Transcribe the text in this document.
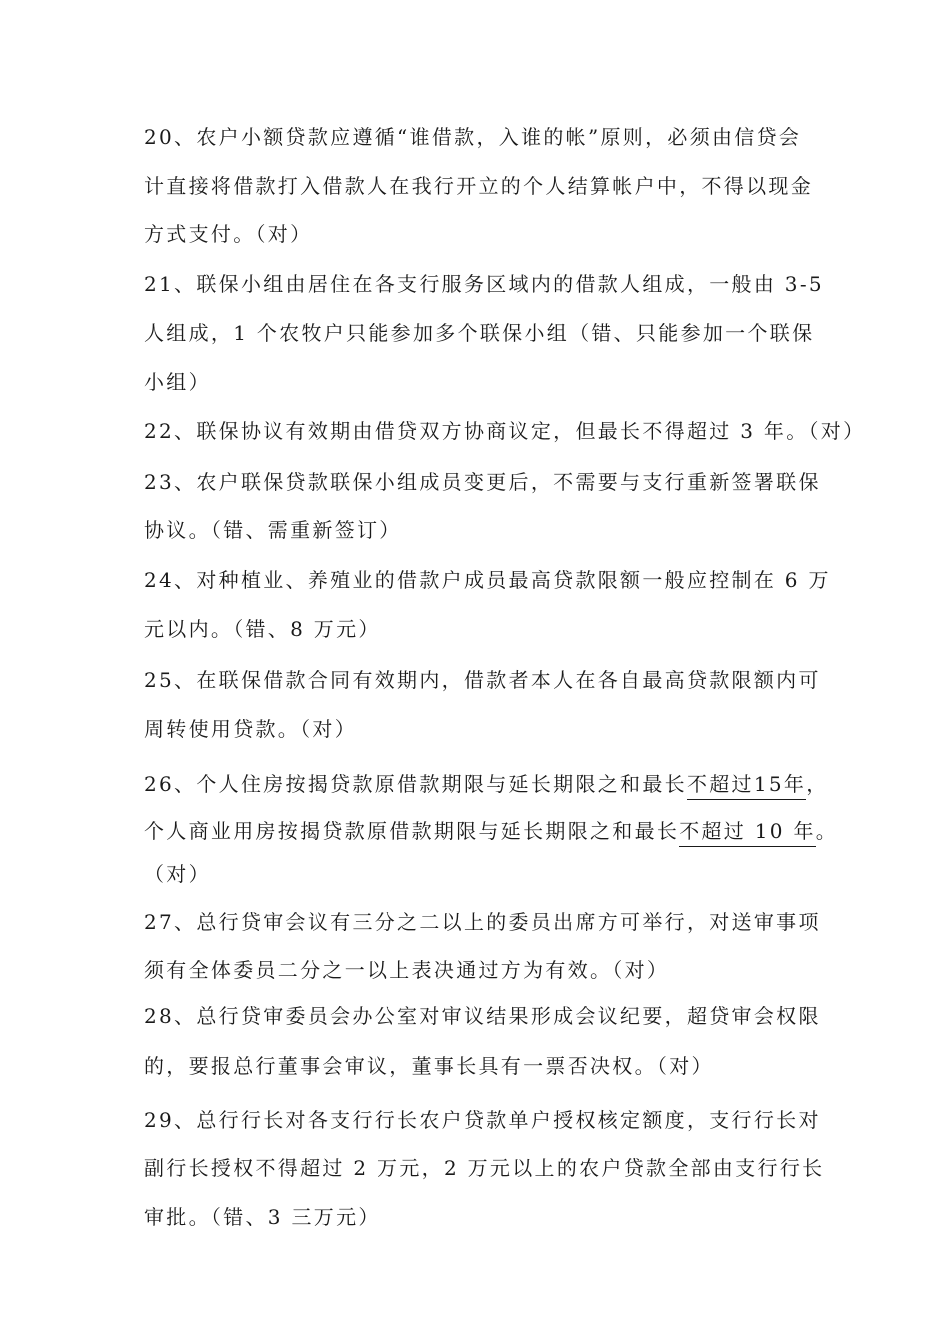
20、农户小额贷款应遵循“谁借款，入谁的帐”原则，必须由信贷会
计直接将借款打入借款人在我行开立的个人结算帐户中，不得以现金
方式支付。（对）
21、联保小组由居住在各支行服务区域内的借款人组成，一般由 3-5
人组成，1 个农牧户只能参加多个联保小组（错、只能参加一个联保
小组）
22、联保协议有效期由借贷双方协商议定，但最长不得超过 3 年。（对）
23、农户联保贷款联保小组成员变更后，不需要与支行重新签署联保
协议。（错、需重新签订）
24、对种植业、养殖业的借款户成员最高贷款限额一般应控制在 6 万
元以内。（错、8 万元）
25、在联保借款合同有效期内，借款者本人在各自最高贷款限额内可
周转使用贷款。（对）
26、个人住房按揭贷款原借款期限与延长期限之和最长不超过15年，
个人商业用房按揭贷款原借款期限与延长期限之和最长不超过 10 年。
（对）
27、总行贷审会议有三分之二以上的委员出席方可举行，对送审事项
须有全体委员二分之一以上表决通过方为有效。（对）
28、总行贷审委员会办公室对审议结果形成会议纪要，超贷审会权限
的，要报总行董事会审议，董事长具有一票否决权。（对）
29、总行行长对各支行行长农户贷款单户授权核定额度，支行行长对
副行长授权不得超过 2 万元，2 万元以上的农户贷款全部由支行行长
审批。（错、3 三万元）
